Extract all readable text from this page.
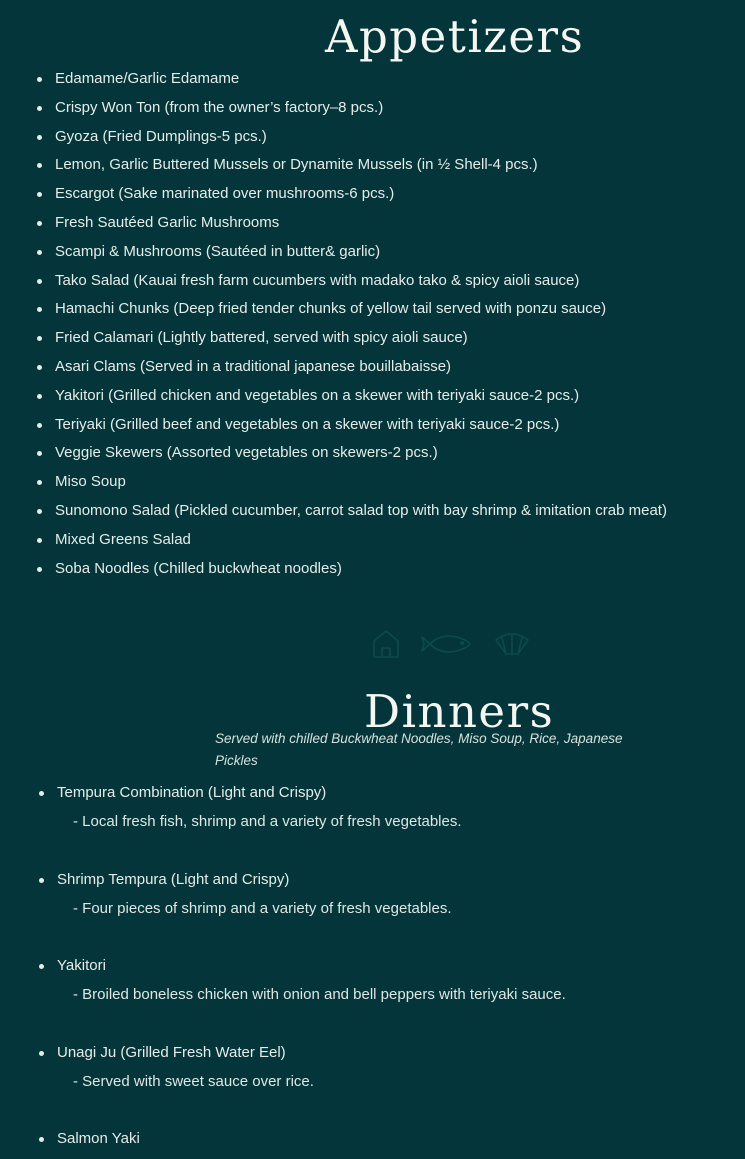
Appetizers
Edamame/Garlic Edamame
Crispy Won Ton (from the owner’s factory–8 pcs.)
Gyoza (Fried Dumplings-5 pcs.)
Lemon, Garlic Buttered Mussels or Dynamite Mussels (in ½ Shell-4 pcs.)
Escargot (Sake marinated over mushrooms-6 pcs.)
Fresh Sautéed Garlic Mushrooms
Scampi & Mushrooms (Sautéed in butter& garlic)
Tako Salad (Kauai fresh farm cucumbers with madako tako & spicy aioli sauce)
Hamachi Chunks (Deep fried tender chunks of yellow tail served with ponzu sauce)
Fried Calamari (Lightly battered, served with spicy aioli sauce)
Asari Clams (Served in a traditional japanese bouillabaisse)
Yakitori (Grilled chicken and vegetables on a skewer with teriyaki sauce-2 pcs.)
Teriyaki (Grilled beef and vegetables on a skewer with teriyaki sauce-2 pcs.)
Veggie Skewers (Assorted vegetables on skewers-2 pcs.)
Miso Soup
Sunomono Salad (Pickled cucumber, carrot salad top with bay shrimp & imitation crab meat)
Mixed Greens Salad
Soba Noodles (Chilled buckwheat noodles)
Dinners

Served with chilled Buckwheat Noodles, Miso Soup, Rice, Japanese Pickles

Tempura Combination (Light and Crispy)
- Local fresh fish, shrimp and a variety of fresh vegetables.
Shrimp Tempura (Light and Crispy)
- Four pieces of shrimp and a variety of fresh vegetables.
Yakitori
- Broiled boneless chicken with onion and bell peppers with teriyaki sauce.
Unagi Ju (Grilled Fresh Water Eel)
- Served with sweet sauce over rice.
Salmon Yaki
